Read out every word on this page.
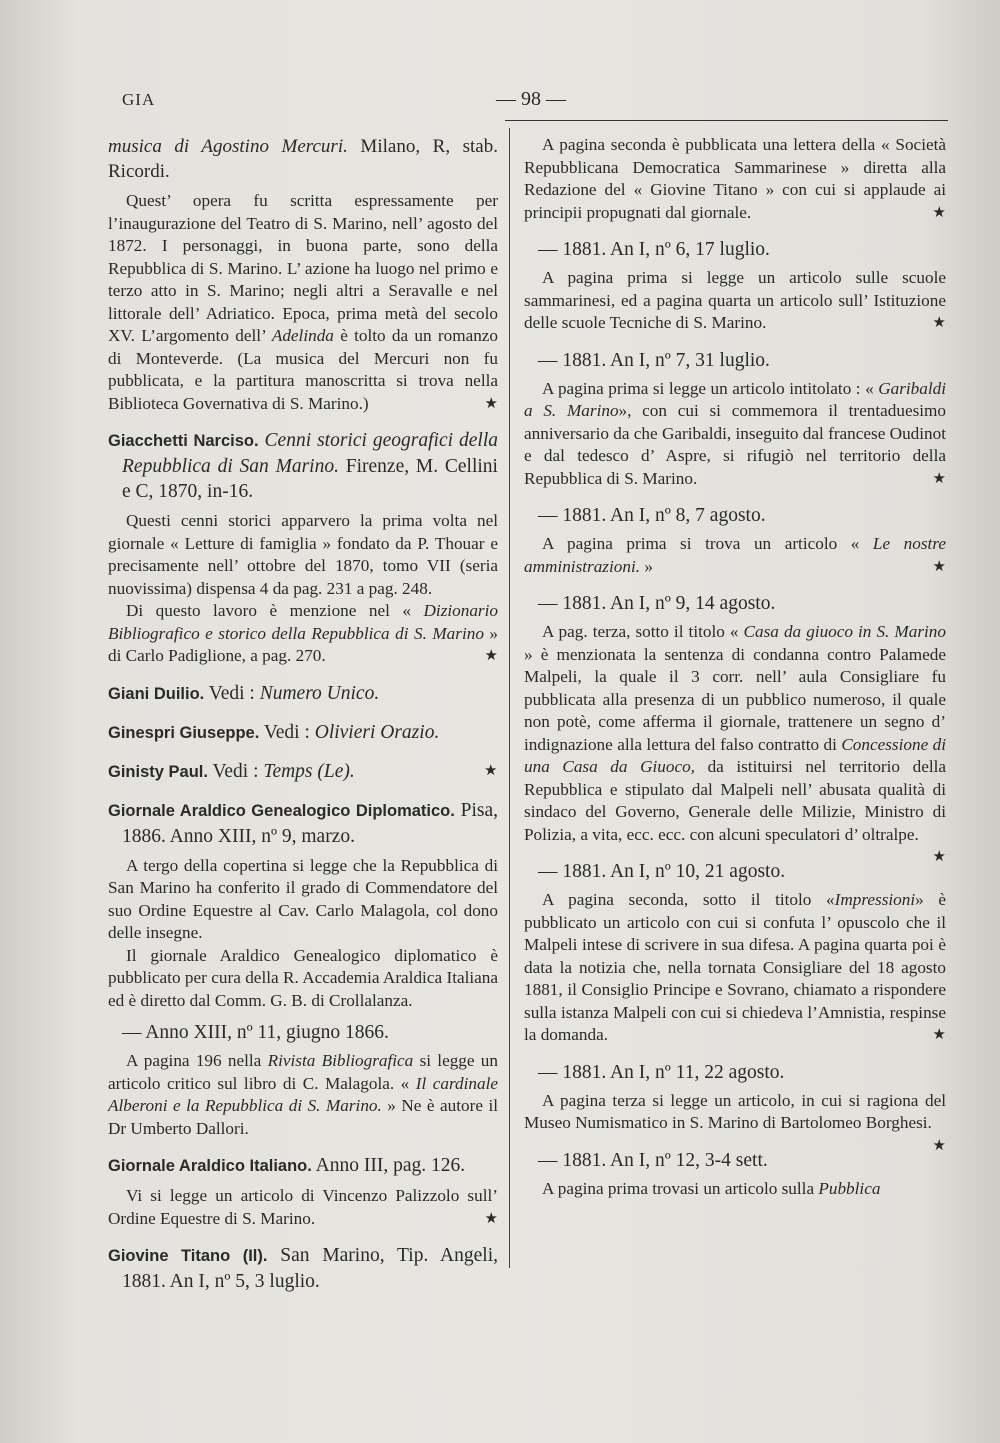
GIA	— 98 —

musica di Agostino Mercuri. Milano, R, stab. Ricordi.

Quest’ opera fu scritta espressamente per l’inaugurazione del Teatro di S. Marino, nell’ agosto del 1872. I personaggi, in buona parte, sono della Repubblica di S. Marino. L’ azione ha luogo nel primo e terzo atto in S. Marino; negli altri a Seravalle e nel littorale dell’ Adriatico. Epoca, prima metà del secolo XV. L’argomento dell’ Adelinda è tolto da un romanzo di Monteverde. (La musica del Mercuri non fu pubblicata, e la partitura manoscritta si trova nella Biblioteca Governativa di S. Marino.)	★

Giacchetti Narciso. Cenni storici geografici della Repubblica di San Marino. Firenze, M. Cellini e C, 1870, in-16.

Questi cenni storici apparvero la prima volta nel giornale « Letture di famiglia » fondato da P. Thouar e precisamente nell’ ottobre del 1870, tomo VII (seria nuovissima) dispensa 4 da pag. 231 a pag. 248.

Di questo lavoro è menzione nel « Dizionario Bibliografico e storico della Repubblica di S. Marino » di Carlo Padiglione, a pag. 270.	★

Giani Duilio. Vedi : Numero Unico.

Ginespri Giuseppe. Vedi : Olivieri Orazio.

Ginisty Paul. Vedi : Temps (Le).	★

Giornale Araldico Genealogico Diplomatico. Pisa, 1886. Anno XIII, nº 9, marzo.

A tergo della copertina si legge che la Repubblica di San Marino ha conferito il grado di Commendatore del suo Ordine Equestre al Cav. Carlo Malagola, col dono delle insegne.

Il giornale Araldico Genealogico diplomatico è pubblicato per cura della R. Accademia Araldica Italiana ed è diretto dal Comm. G. B. di Crollalanza.

— Anno XIII, nº 11, giugno 1866.

A pagina 196 nella Rivista Bibliografica si legge un articolo critico sul libro di C. Malagola. « Il cardinale Alberoni e la Repubblica di S. Marino. » Ne è autore il Dr Umberto Dallori.

Giornale Araldico Italiano. Anno III, pag. 126.

Vi si legge un articolo di Vincenzo Palizzolo sull’ Ordine Equestre di S. Marino.	★

Giovine Titano (Il). San Marino, Tip. Angeli, 1881. An I, nº 5, 3 luglio.

A pagina seconda è pubblicata una lettera della « Società Repubblicana Democratica Sammarinese » diretta alla Redazione del « Giovine Titano » con cui si applaude ai principii propugnati dal giornale.	★

— 1881. An I, nº 6, 17 luglio.

A pagina prima si legge un articolo sulle scuole sammarinesi, ed a pagina quarta un articolo sull’ Istituzione delle scuole Tecniche di S. Marino.	★

— 1881. An I, nº 7, 31 luglio.

A pagina prima si legge un articolo intitolato : « Garibaldi a S. Marino», con cui si commemora il trentaduesimo anniversario da che Garibaldi, inseguito dal francese Oudinot e dal tedesco d’ Aspre, si rifugiò nel territorio della Repubblica di S. Marino.	★

— 1881. An I, nº 8, 7 agosto.

A pagina prima si trova un articolo « Le nostre amministrazioni. »	★

— 1881. An I, nº 9, 14 agosto.

A pag. terza, sotto il titolo « Casa da giuoco in S. Marino » è menzionata la sentenza di condanna contro Palamede Malpeli, la quale il 3 corr. nell’ aula Consigliare fu pubblicata alla presenza di un pubblico numeroso, il quale non potè, come afferma il giornale, trattenere un segno d’ indignazione alla lettura del falso contratto di Concessione di una Casa da Giuoco, da istituirsi nel territorio della Repubblica e stipulato dal Malpeli nell’ abusata qualità di sindaco del Governo, Generale delle Milizie, Ministro di Polizia, a vita, ecc. ecc. con alcuni speculatori d’ oltralpe.
★

— 1881. An I, nº 10, 21 agosto.

A pagina seconda, sotto il titolo «Impressioni» è pubblicato un articolo con cui si confuta l’ opuscolo che il Malpeli intese di scrivere in sua difesa. A pagina quarta poi è data la notizia che, nella tornata Consigliare del 18 agosto 1881, il Consiglio Principe e Sovrano, chiamato a rispondere sulla istanza Malpeli con cui si chiedeva l’Amnistia, respinse la domanda.	★

— 1881. An I, nº 11, 22 agosto.

A pagina terza si legge un articolo, in cui si ragiona del Museo Numismatico in S. Marino di Bartolomeo Borghesi.
★

— 1881. An I, nº 12, 3-4 sett.

A pagina prima trovasi un articolo sulla Pubblica
